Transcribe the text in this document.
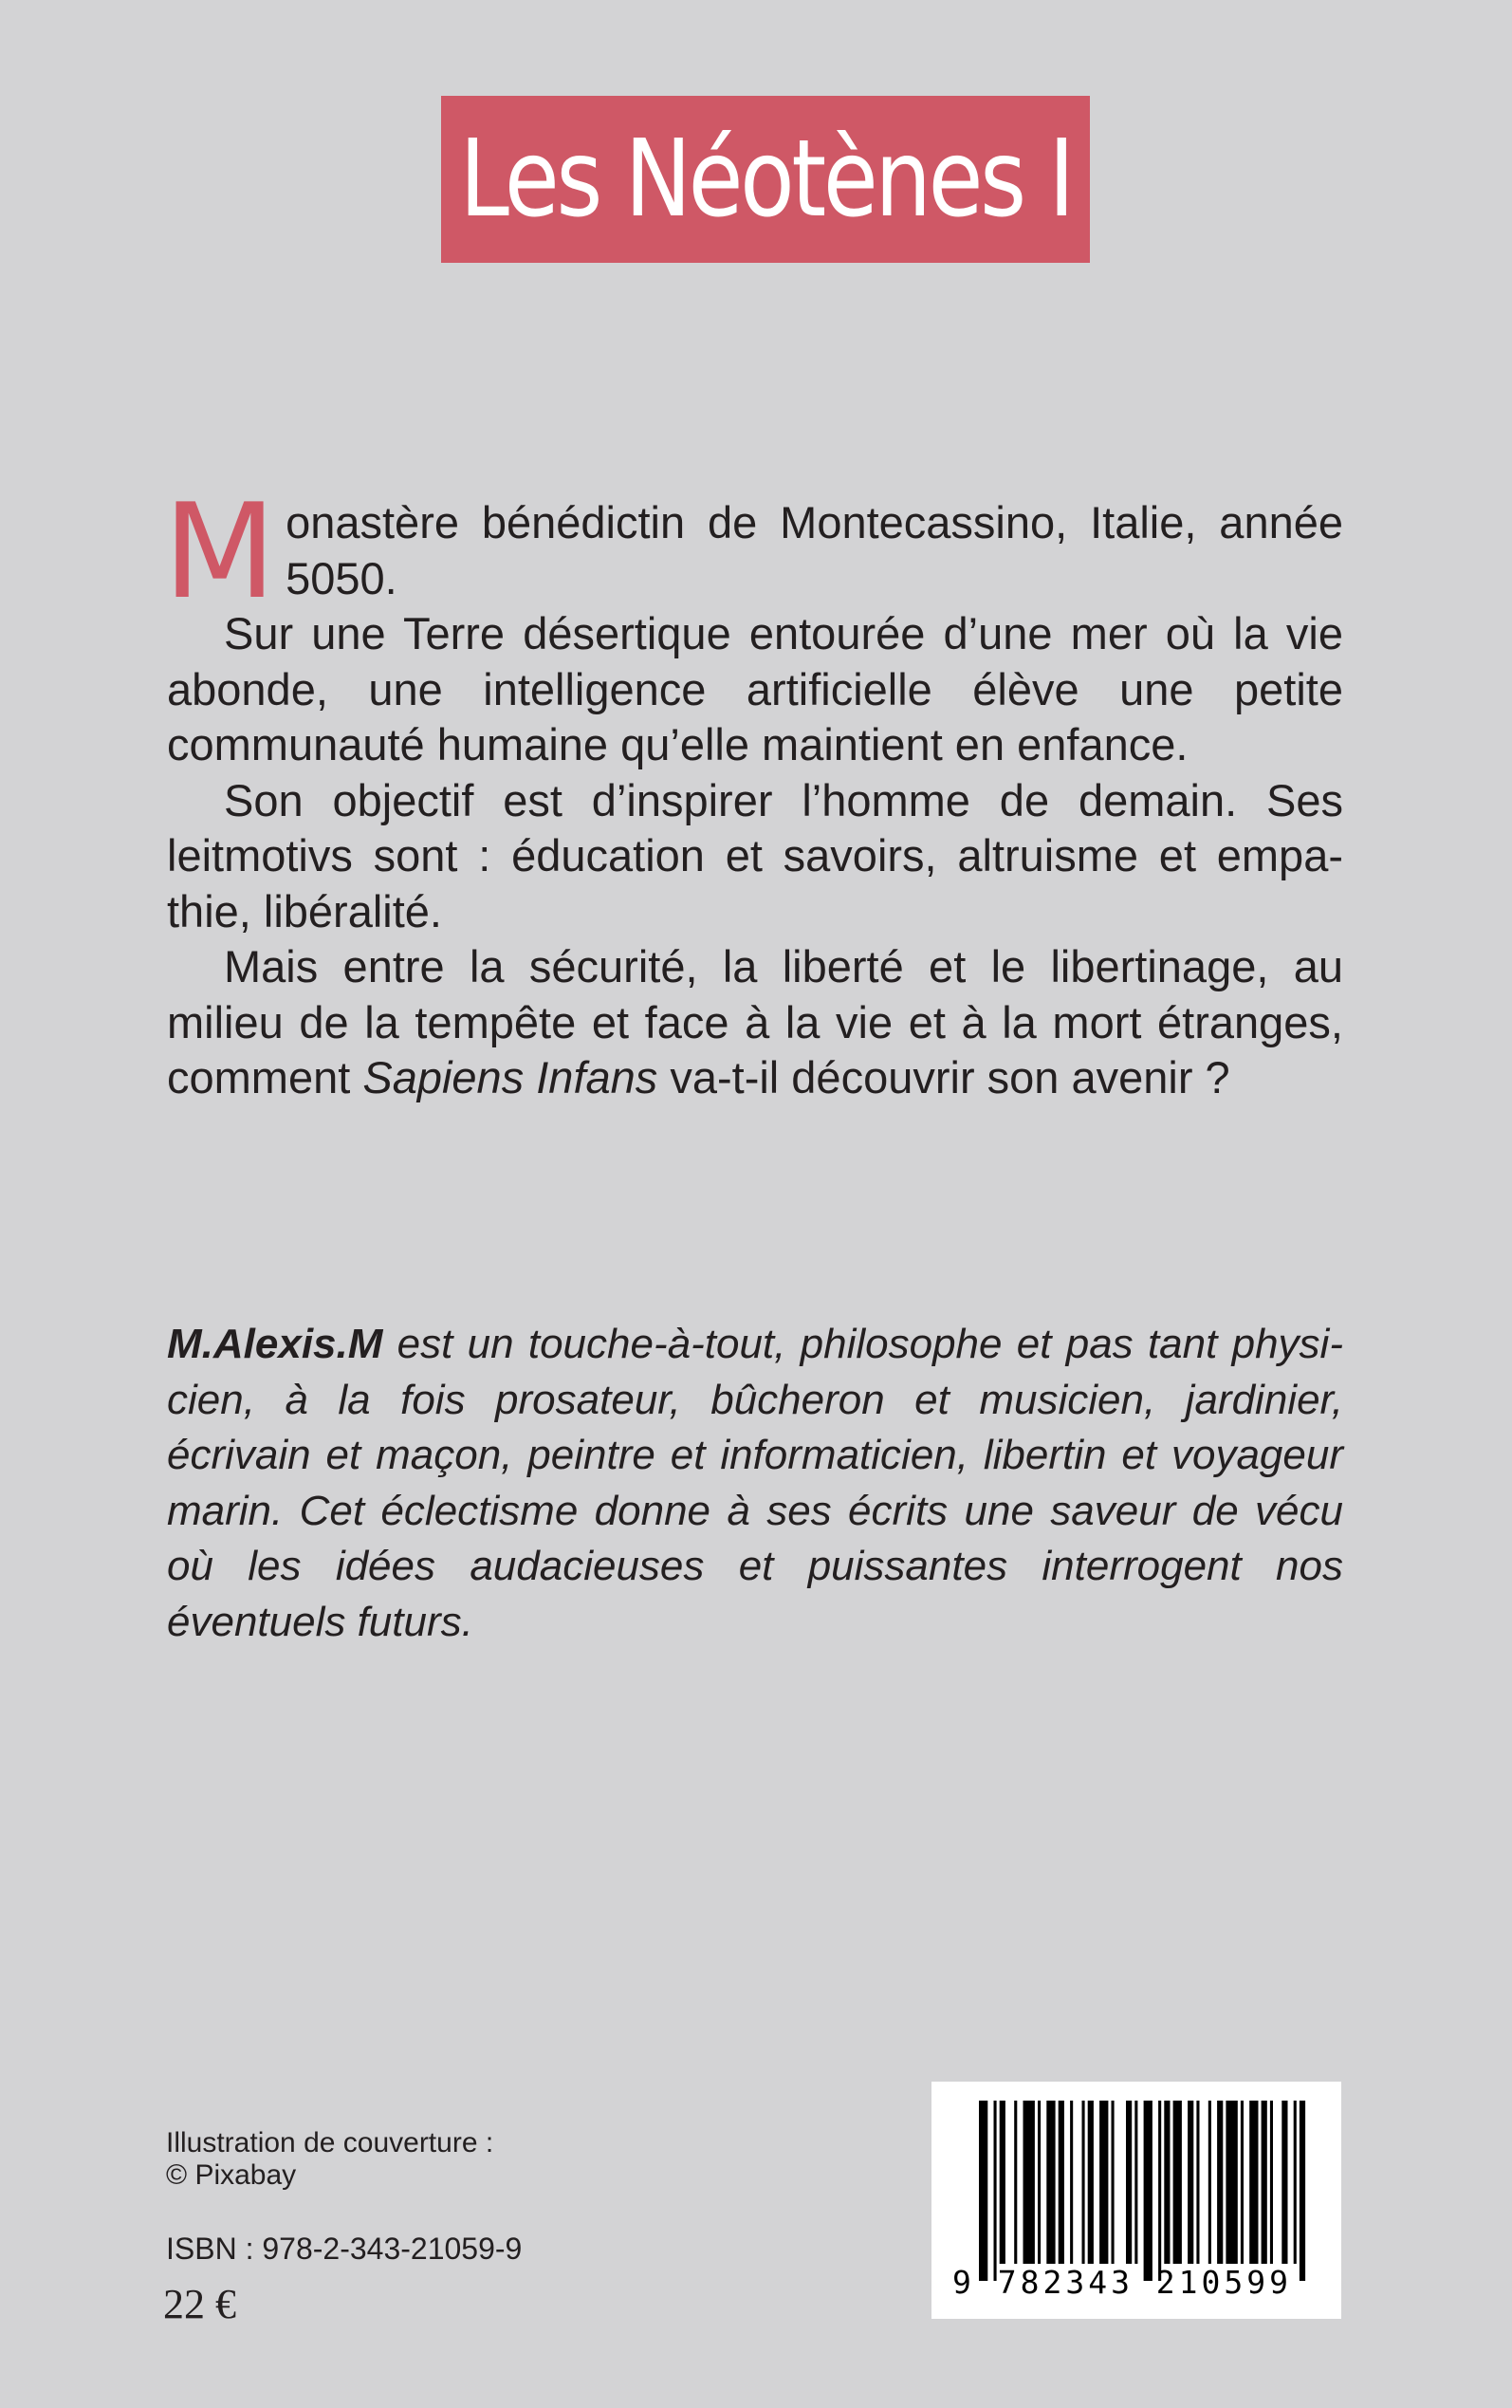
Les Néotènes I

Monastère bénédictin de Montecassino, Italie, année 5050.

Sur une Terre désertique entourée d’une mer où la vie abonde, une intelligence artificielle élève une petite communauté humaine qu’elle maintient en enfance.

Son objectif est d’inspirer l’homme de demain. Ses leitmotivs sont : éducation et savoirs, altruisme et empathie, libéralité.

Mais entre la sécurité, la liberté et le libertinage, au milieu de la tempête et face à la vie et à la mort étranges, comment Sapiens Infans va-t-il découvrir son avenir ?

M.Alexis.M est un touche-à-tout, philosophe et pas tant physicien, à la fois prosateur, bûcheron et musicien, jardinier, écrivain et maçon, peintre et informaticien, libertin et voyageur marin. Cet éclectisme donne à ses écrits une saveur de vécu où les idées audacieuses et puissantes interrogent nos éventuels futurs.
Illustration de couverture :
© Pixabay
ISBN : 978-2-343-21059-9
22 €	9 782343 210599
